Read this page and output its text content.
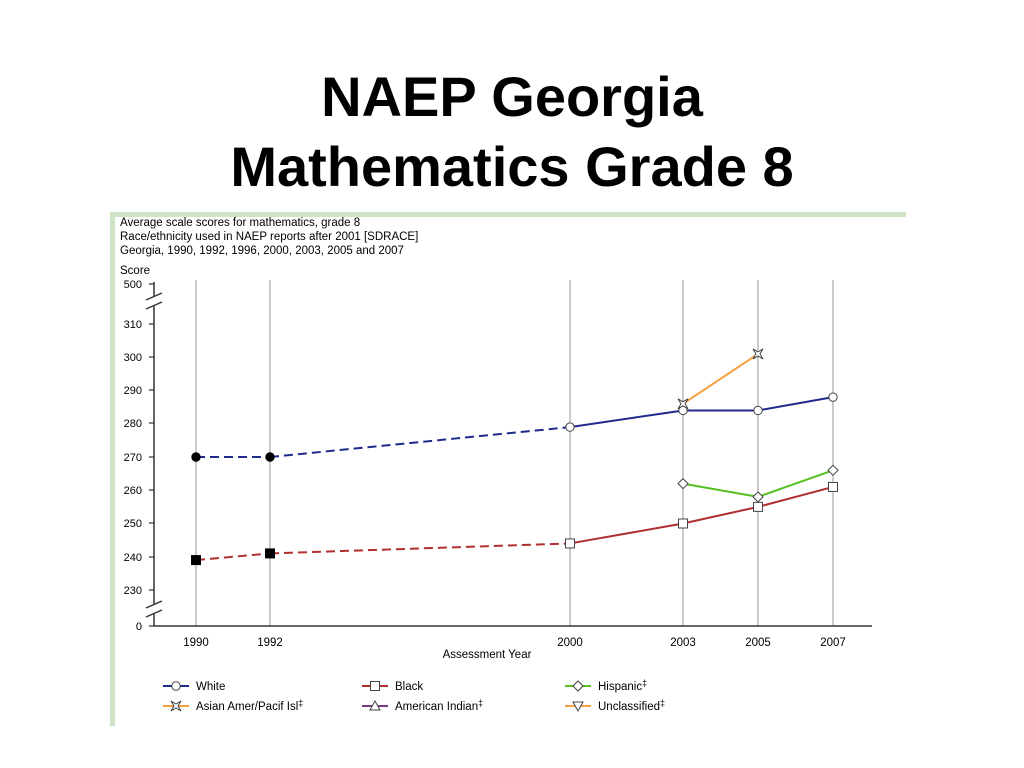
NAEP Georgia
Mathematics Grade 8
Average scale scores for mathematics, grade 8
Race/ethnicity used in NAEP reports after 2001 [SDRACE]
Georgia, 1990, 1992, 1996, 2000, 2003, 2005 and 2007
500
310
300
290
280
270
260
250
240
230
0
Score
1990	1992	2000	2003	2005	2007
Assessment Year
White	Black	Hispanic‡
Asian Amer/Pacif Isl‡	American Indian‡	Unclassified‡
